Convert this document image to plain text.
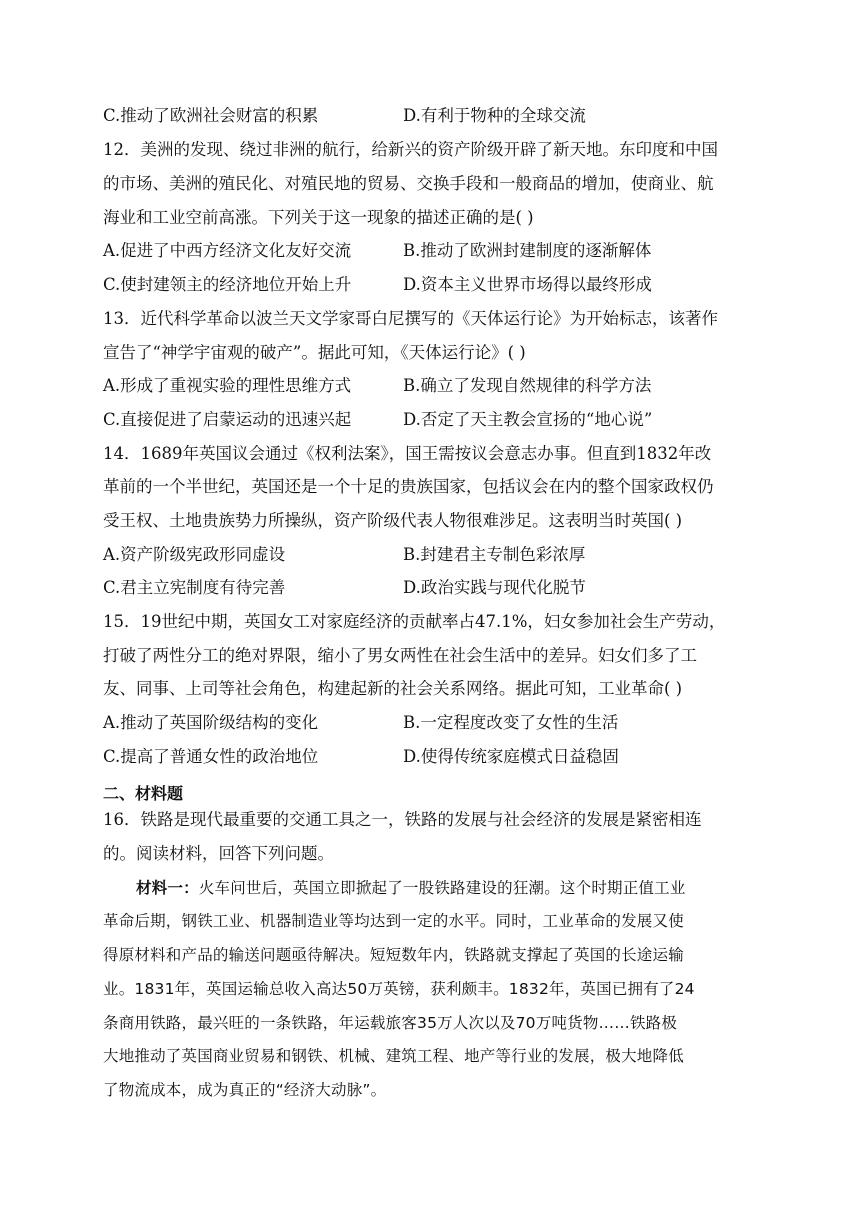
C.推动了欧洲社会财富的积累	D.有利于物种的全球交流
12．美洲的发现、绕过非洲的航行，给新兴的资产阶级开辟了新天地。东印度和中国
的市场、美洲的殖民化、对殖民地的贸易、交换手段和一般商品的增加，使商业、航
海业和工业空前高涨。下列关于这一现象的描述正确的是( )
A.促进了中西方经济文化友好交流	B.推动了欧洲封建制度的逐渐解体
C.使封建领主的经济地位开始上升	D.资本主义世界市场得以最终形成
13．近代科学革命以波兰天文学家哥白尼撰写的《天体运行论》为开始标志，该著作
宣告了“神学宇宙观的破产”。据此可知，《天体运行论》( )
A.形成了重视实验的理性思维方式	B.确立了发现自然规律的科学方法
C.直接促进了启蒙运动的迅速兴起	D.否定了天主教会宣扬的“地心说”
14．1689年英国议会通过《权利法案》，国王需按议会意志办事。但直到1832年改
革前的一个半世纪，英国还是一个十足的贵族国家，包括议会在内的整个国家政权仍
受王权、土地贵族势力所操纵，资产阶级代表人物很难涉足。这表明当时英国( )
A.资产阶级宪政形同虚设	B.封建君主专制色彩浓厚
C.君主立宪制度有待完善	D.政治实践与现代化脱节
15．19世纪中期，英国女工对家庭经济的贡献率占47.1%，妇女参加社会生产劳动，
打破了两性分工的绝对界限，缩小了男女两性在社会生活中的差异。妇女们多了工
友、同事、上司等社会角色，构建起新的社会关系网络。据此可知，工业革命( )
A.推动了英国阶级结构的变化	B.一定程度改变了女性的生活
C.提高了普通女性的政治地位	D.使得传统家庭模式日益稳固
二、材料题
16．铁路是现代最重要的交通工具之一，铁路的发展与社会经济的发展是紧密相连
的。阅读材料，回答下列问题。
材料一：火车问世后，英国立即掀起了一股铁路建设的狂潮。这个时期正值工业
革命后期，钢铁工业、机器制造业等均达到一定的水平。同时，工业革命的发展又使
得原材料和产品的输送问题亟待解决。短短数年内，铁路就支撑起了英国的长途运输
业。1831年，英国运输总收入高达50万英镑，获利颇丰。1832年，英国已拥有了24
条商用铁路，最兴旺的一条铁路，年运载旅客35万人次以及70万吨货物……铁路极
大地推动了英国商业贸易和钢铁、机械、建筑工程、地产等行业的发展，极大地降低
了物流成本，成为真正的“经济大动脉”。
